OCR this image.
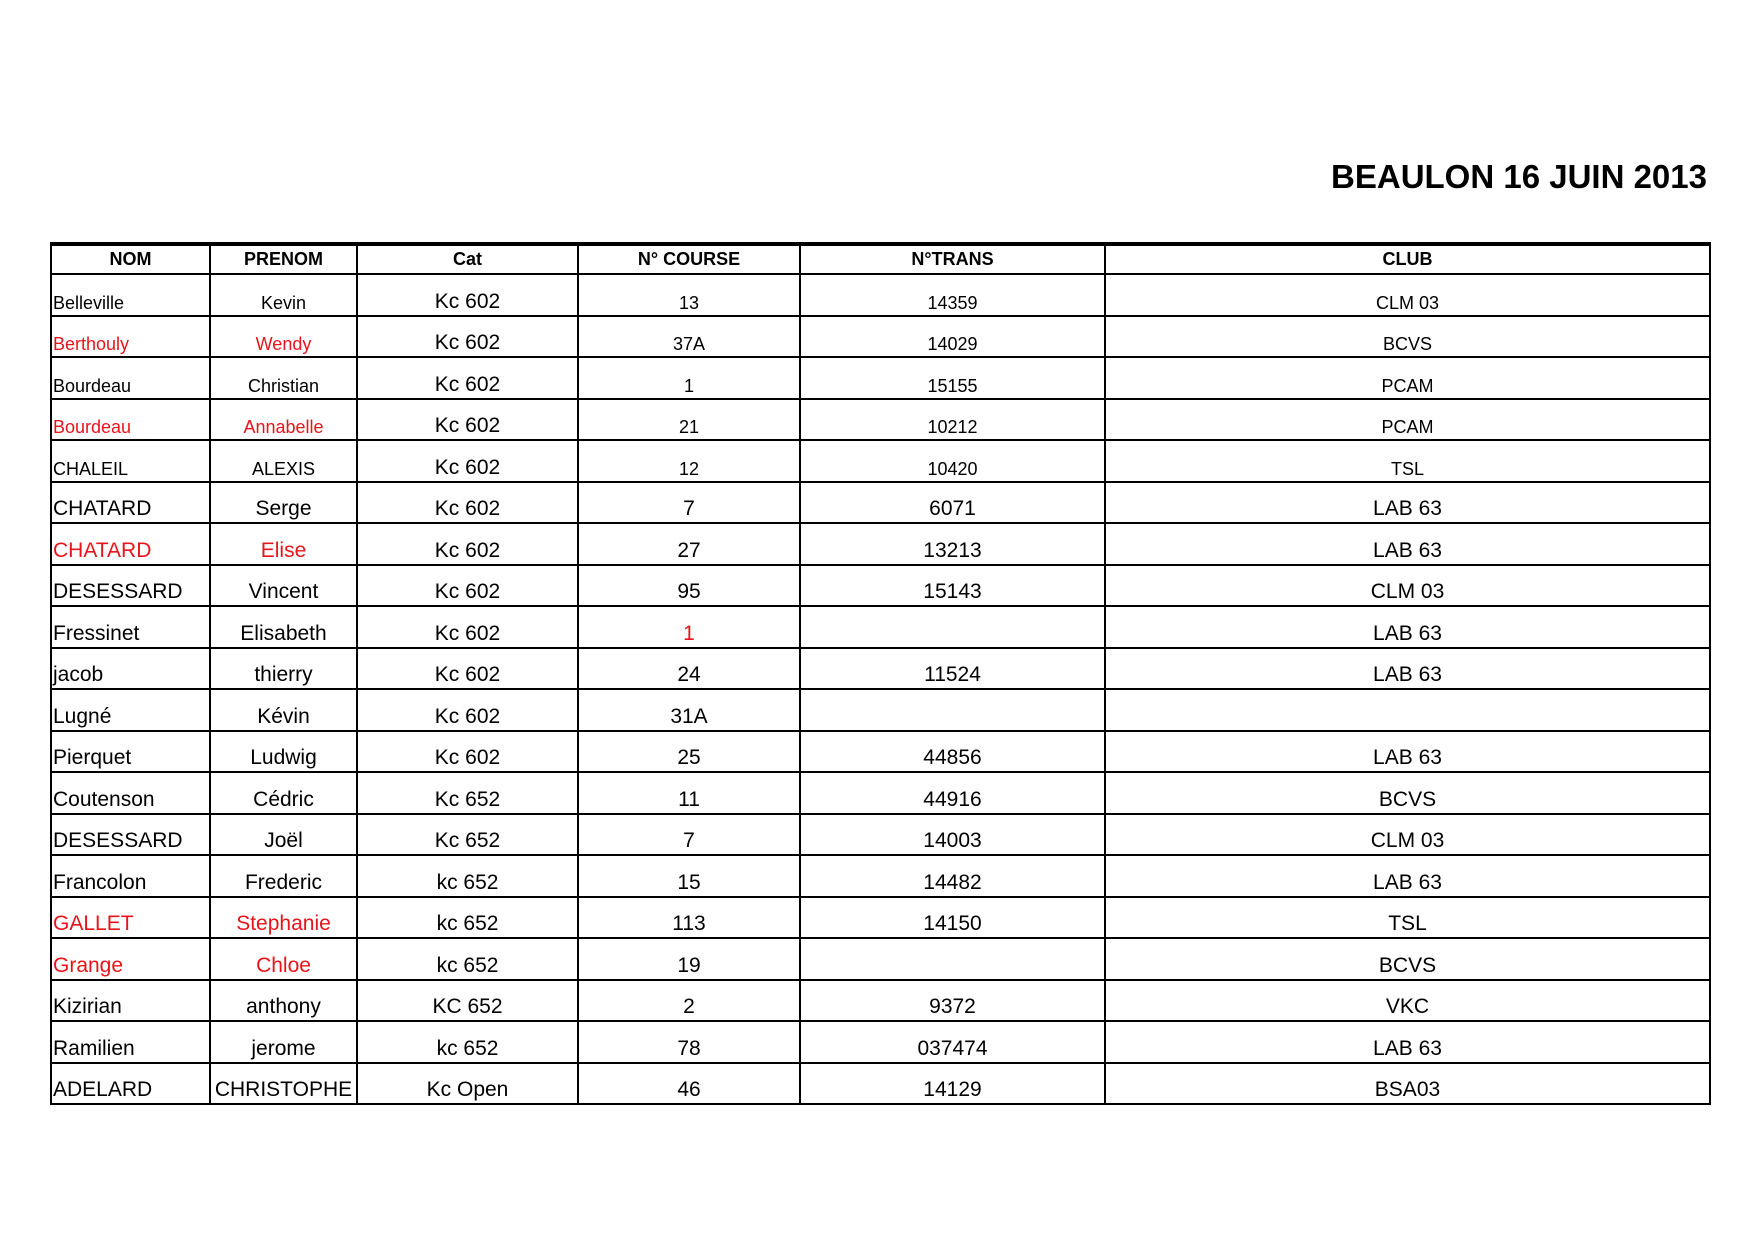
BEAULON 16 JUIN 2013
NOM	PRENOM	Cat	N° COURSE	N°TRANS	CLUB
Belleville	Kevin	Kc 602	13	14359	CLM 03
Berthouly	Wendy	Kc 602	37A	14029	BCVS
Bourdeau	Christian	Kc 602	1	15155	PCAM
Bourdeau	Annabelle	Kc 602	21	10212	PCAM
CHALEIL	ALEXIS	Kc 602	12	10420	TSL
CHATARD	Serge	Kc 602	7	6071	LAB 63
CHATARD	Elise	Kc 602	27	13213	LAB 63
DESESSARD	Vincent	Kc 602	95	15143	CLM 03
Fressinet	Elisabeth	Kc 602	1		LAB 63
jacob	thierry	Kc 602	24	11524	LAB 63
Lugné	Kévin	Kc 602	31A		
Pierquet	Ludwig	Kc 602	25	44856	LAB 63
Coutenson	Cédric	Kc 652	11	44916	BCVS
DESESSARD	Joël	Kc 652	7	14003	CLM 03
Francolon	Frederic	kc 652	15	14482	LAB 63
GALLET	Stephanie	kc 652	113	14150	TSL
Grange	Chloe	kc 652	19		BCVS
Kizirian	anthony	KC 652	2	9372	VKC
Ramilien	jerome	kc 652	78	037474	LAB 63
ADELARD	CHRISTOPHE	Kc Open	46	14129	BSA03
